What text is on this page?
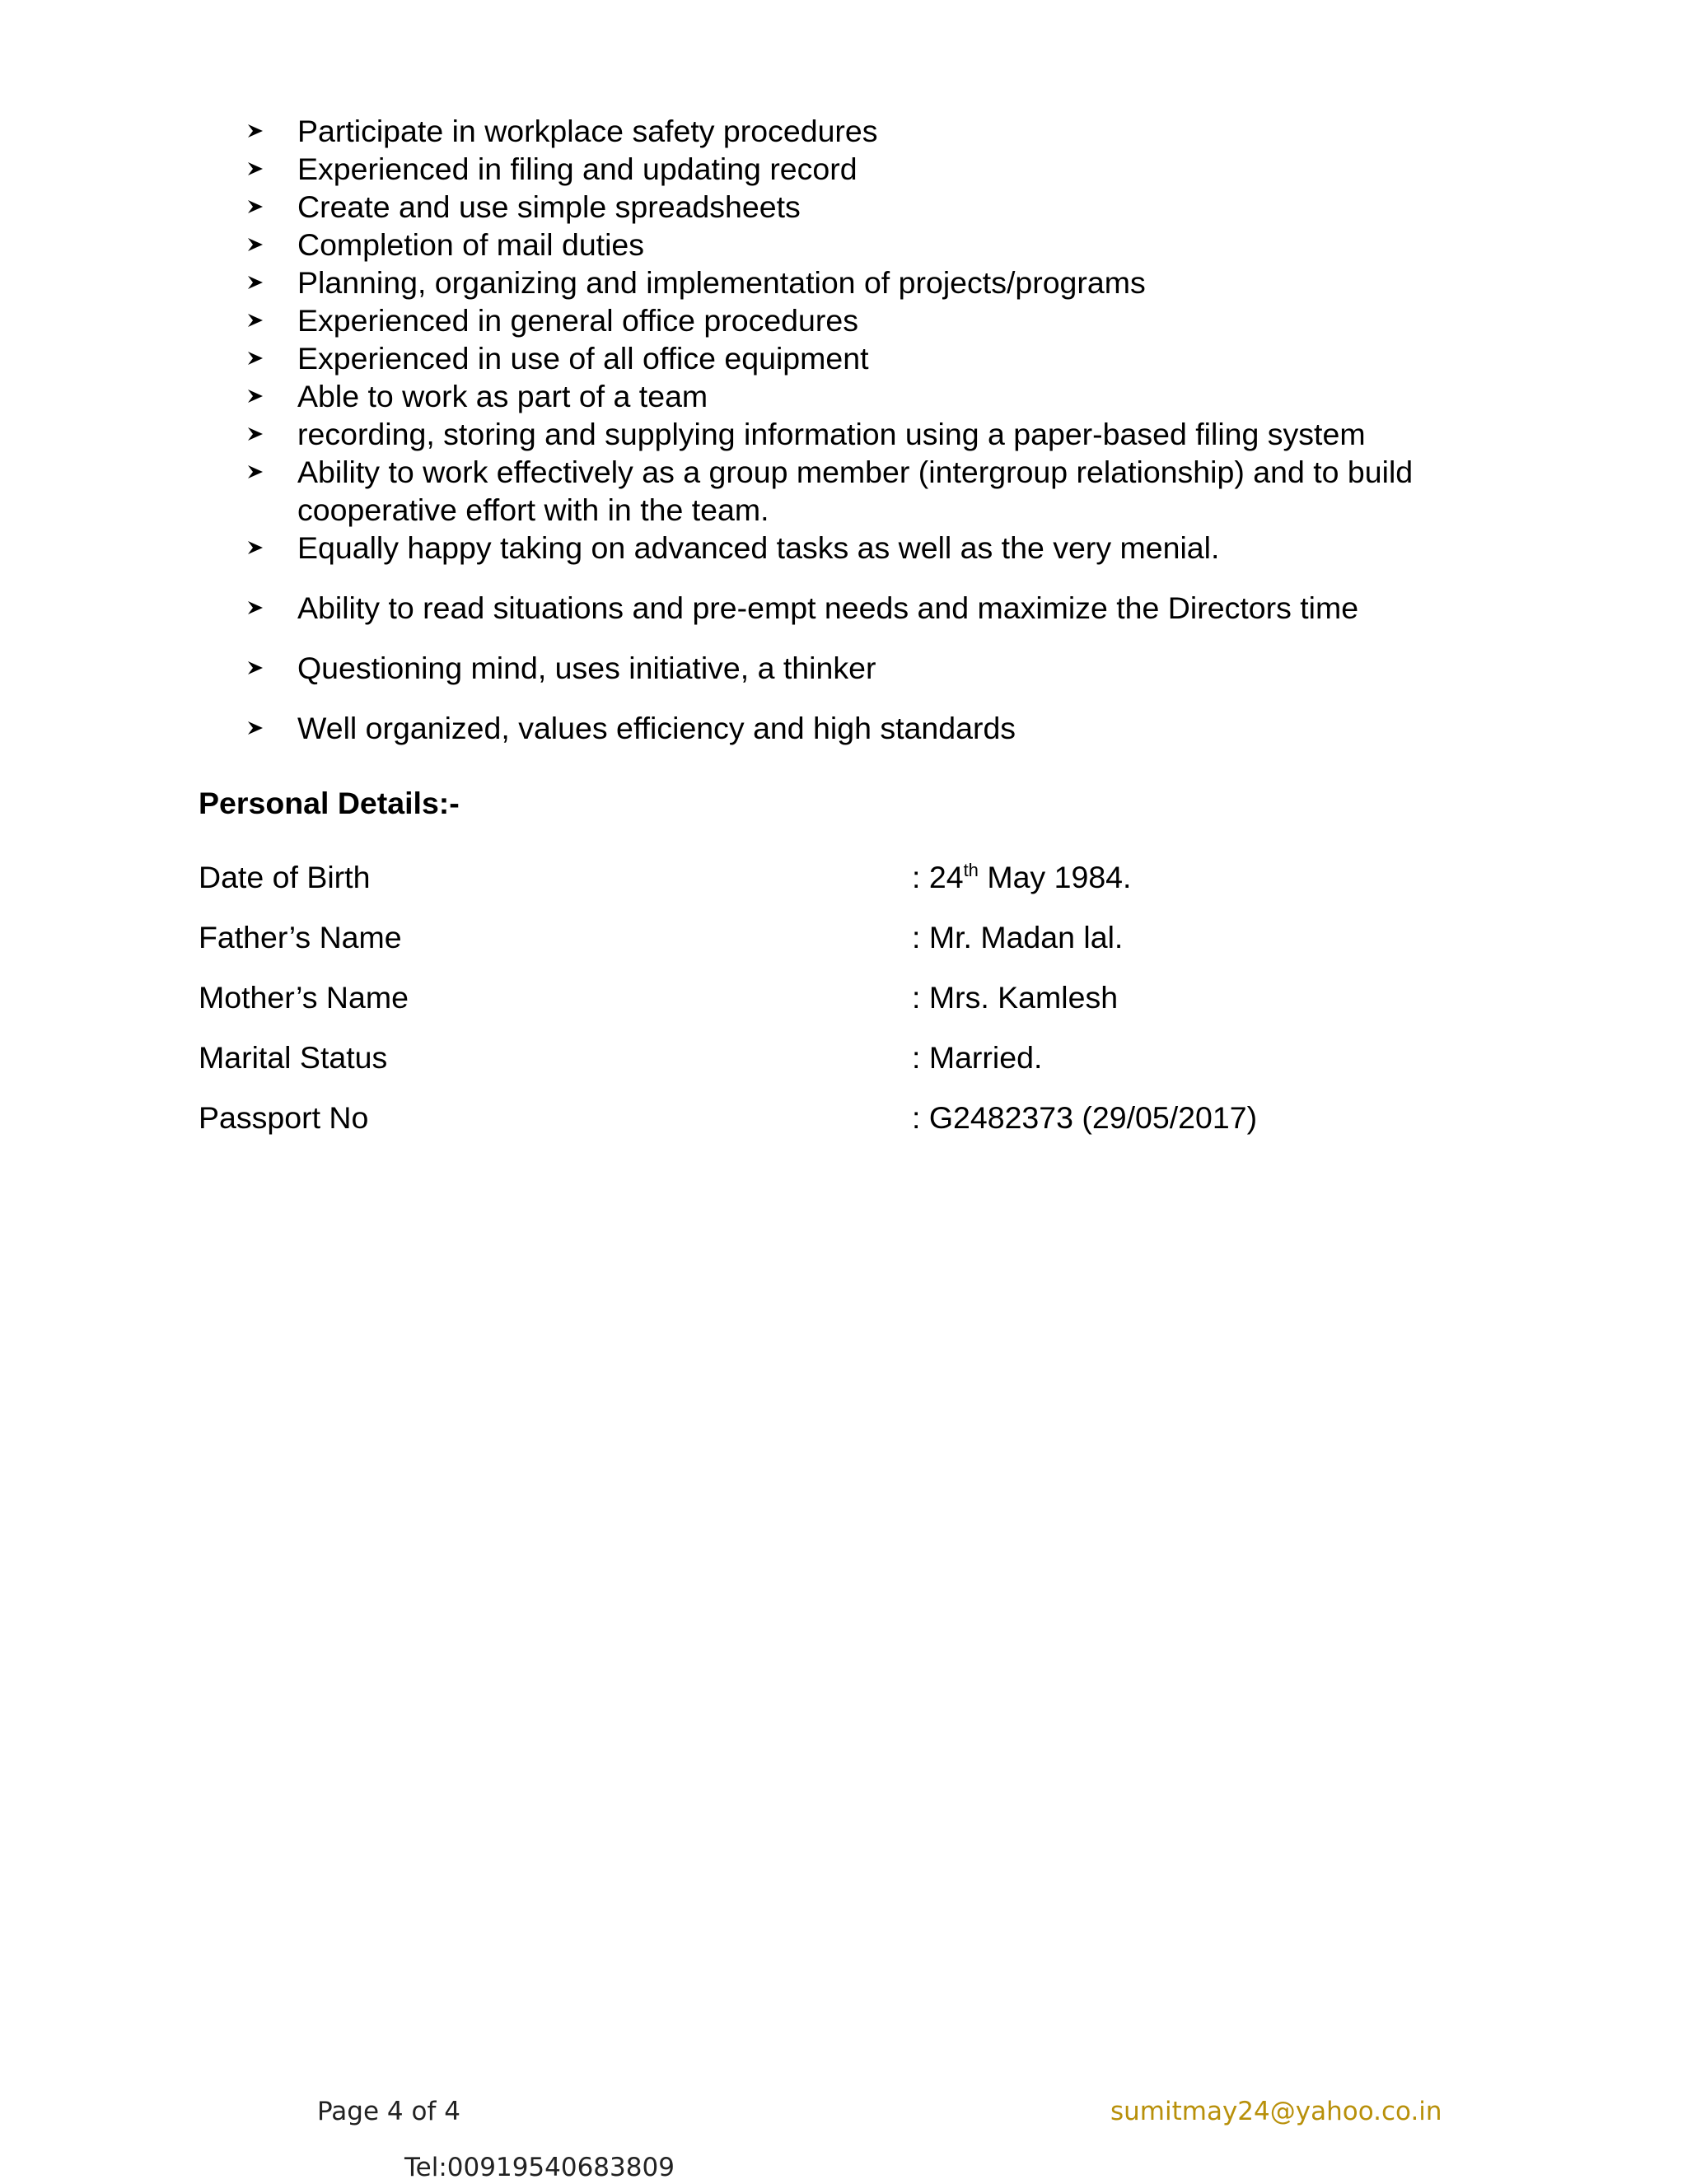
Participate in workplace safety procedures
Experienced in filing and updating record
Create and use simple spreadsheets
Completion of mail duties
Planning, organizing and implementation of projects/programs
Experienced in general office procedures
Experienced in use of all office equipment
Able to work as part of a team
recording, storing and supplying information using a paper-based filing system
Ability to work effectively as a group member (intergroup relationship) and to build cooperative effort with in the team.
Equally happy taking on advanced tasks as well as the very menial.
Ability to read situations and pre-empt needs and maximize the Directors time
Questioning mind, uses initiative, a thinker
Well organized, values efficiency and high standards
Personal Details:-
Date of Birth	: 24th May 1984.
Father’s Name	: Mr. Madan lal.
Mother’s Name	: Mrs. Kamlesh
Marital Status	: Married.
Passport No	: G2482373 (29/05/2017)
Page 4 of 4	sumitmay24@yahoo.co.in
Tel:00919540683809
